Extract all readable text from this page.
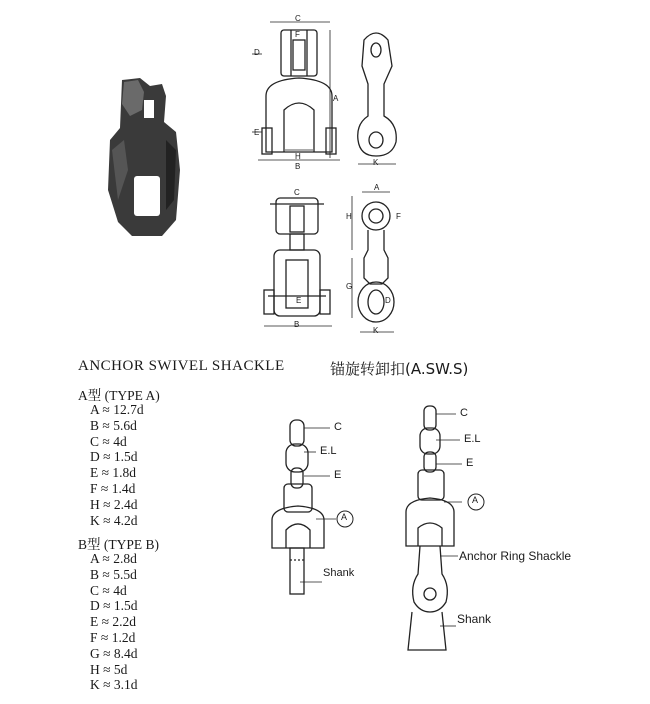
C
F
D
A
E
H
B	K
C
E
B
A
H	F
G
D
K
C
E.L
E
A
Shank
C
E.L
E
A
Anchor Ring Shackle
Shank
ANCHOR SWIVEL SHACKLE	锚旋转卸扣(A.SW.S)
A型 (TYPE A)
A ≈ 12.7d
B ≈ 5.6d
C ≈ 4d
D ≈ 1.5d
E ≈ 1.8d
F ≈ 1.4d
H ≈ 2.4d
K ≈ 4.2d
B型 (TYPE B)
A ≈ 2.8d
B ≈ 5.5d
C ≈ 4d
D ≈ 1.5d
E ≈ 2.2d
F ≈ 1.2d
G ≈ 8.4d
H ≈ 5d
K ≈ 3.1d
